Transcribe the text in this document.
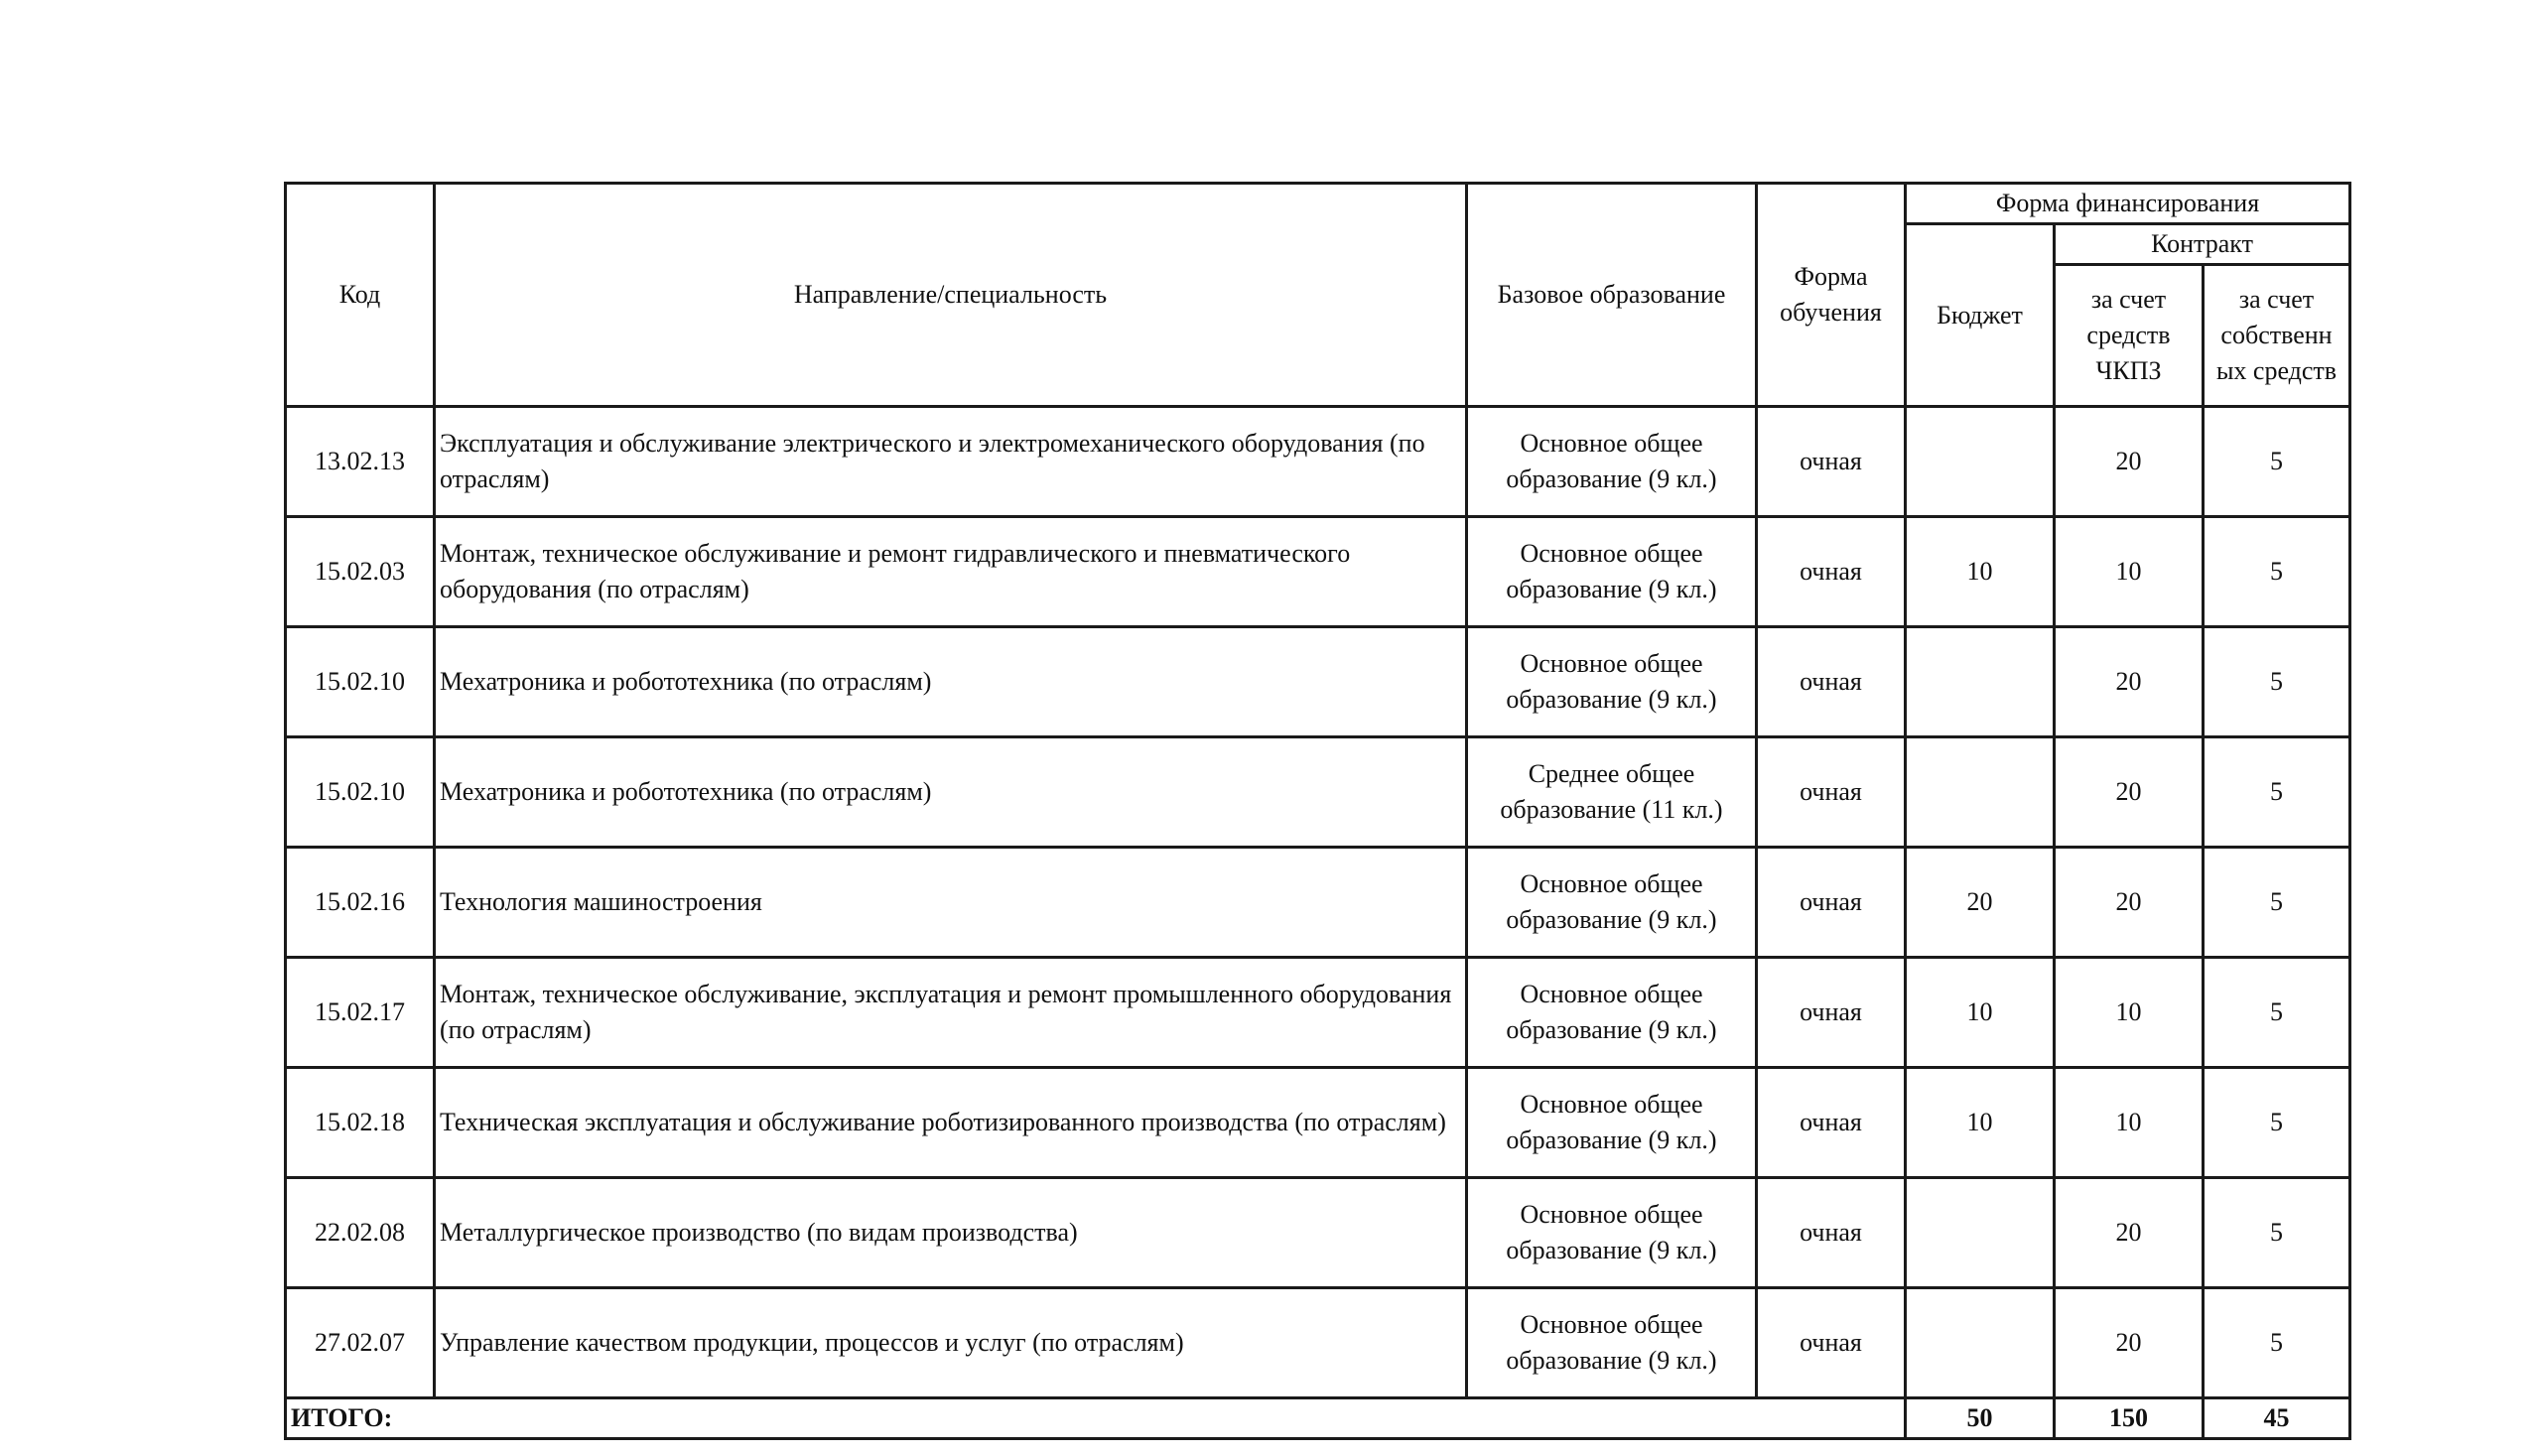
Код	Направление/специальность	Базовое образование	Форма обучения	Форма финансирования		
				Бюджет	Контракт	
					за счет средств ЧКПЗ	за счет собственн ых средств
13.02.13	Эксплуатация и обслуживание электрического и электромеханического оборудования (по отраслям)	Основное общее образование (9 кл.)	очная		20	5
15.02.03	Монтаж, техническое обслуживание и ремонт гидравлического и пневматического оборудования (по отраслям)	Основное общее образование (9 кл.)	очная	10	10	5
15.02.10	Мехатроника и робототехника (по отраслям)	Основное общее образование (9 кл.)	очная		20	5
15.02.10	Мехатроника и робототехника (по отраслям)	Среднее общее образование (11 кл.)	очная		20	5
15.02.16	Технология машиностроения	Основное общее образование (9 кл.)	очная	20	20	5
15.02.17	Монтаж, техническое обслуживание, эксплуатация и ремонт промышленного оборудования (по отраслям)	Основное общее образование (9 кл.)	очная	10	10	5
15.02.18	Техническая эксплуатация и обслуживание роботизированного производства (по отраслям)	Основное общее образование (9 кл.)	очная	10	10	5
22.02.08	Металлургическое производство (по видам производства)	Основное общее образование (9 кл.)	очная		20	5
27.02.07	Управление качеством продукции, процессов и услуг (по отраслям)	Основное общее образование (9 кл.)	очная		20	5
ИТОГО:				50	150	45
